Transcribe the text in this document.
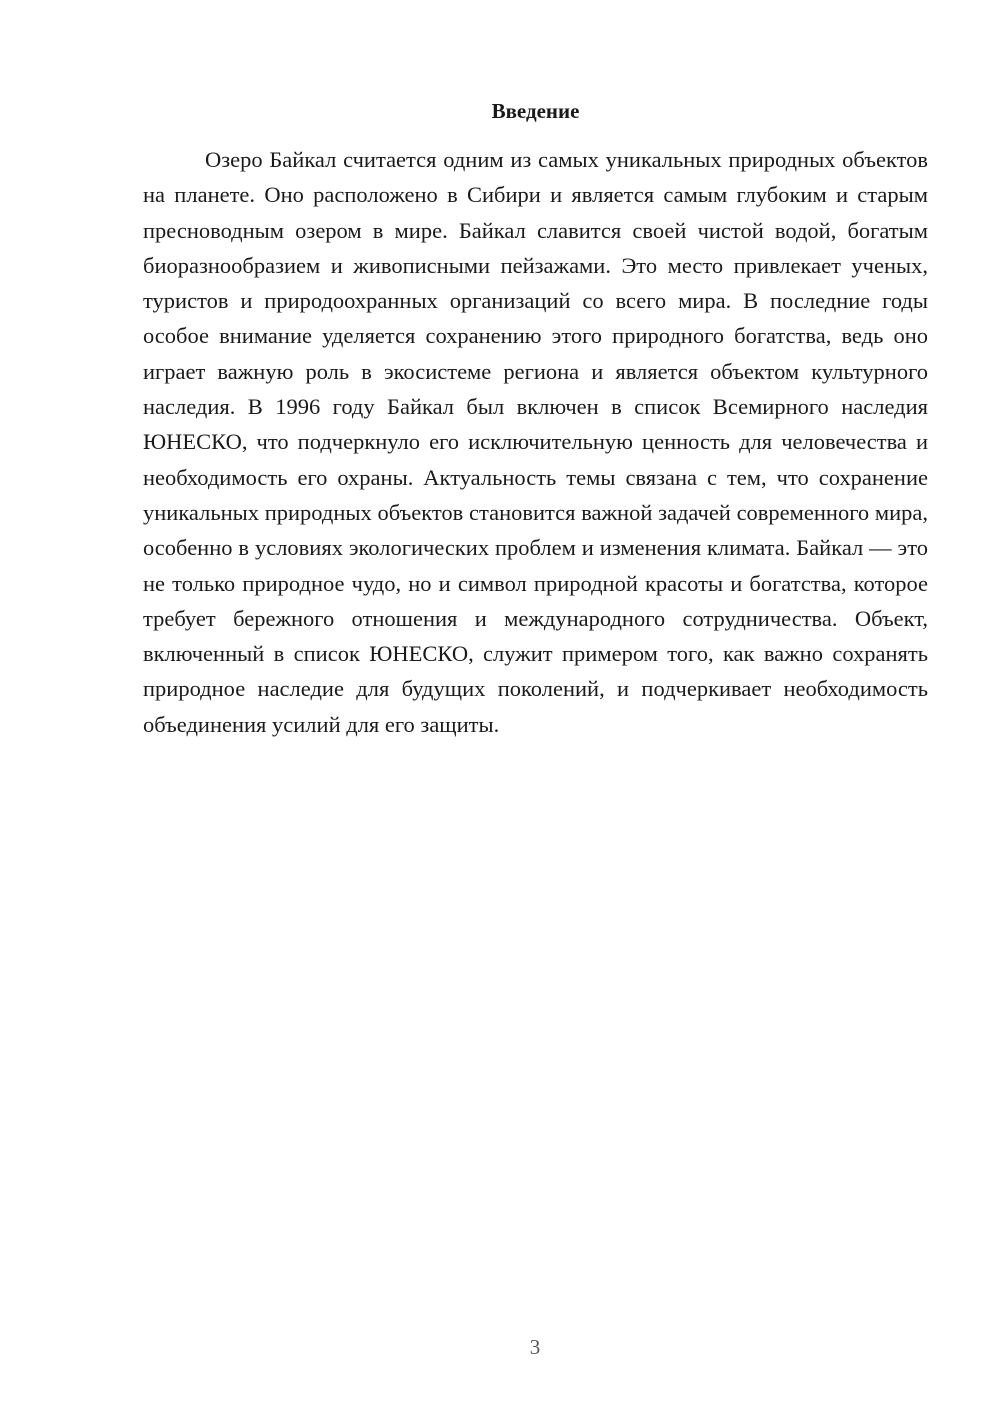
Введение

Озеро Байкал считается одним из самых уникальных природных объектов на планете. Оно расположено в Сибири и является самым глубоким и старым пресноводным озером в мире. Байкал славится своей чистой водой, богатым биоразнообразием и живописными пейзажами. Это место привлекает ученых, туристов и природоохранных организаций со всего мира. В последние годы особое внимание уделяется сохранению этого природного богатства, ведь оно играет важную роль в экосистеме региона и является объектом культурного наследия. В 1996 году Байкал был включен в список Всемирного наследия ЮНЕСКО, что подчеркнуло его исключительную ценность для человечества и необходимость его охраны. Актуальность темы связана с тем, что сохранение уникальных природных объектов становится важной задачей современного мира, особенно в условиях экологических проблем и изменения климата. Байкал — это не только природное чудо, но и символ природной красоты и богатства, которое требует бережного отношения и международного сотрудничества. Объект, включенный в список ЮНЕСКО, служит примером того, как важно сохранять природное наследие для будущих поколений, и подчеркивает необходимость объединения усилий для его защиты.

3
